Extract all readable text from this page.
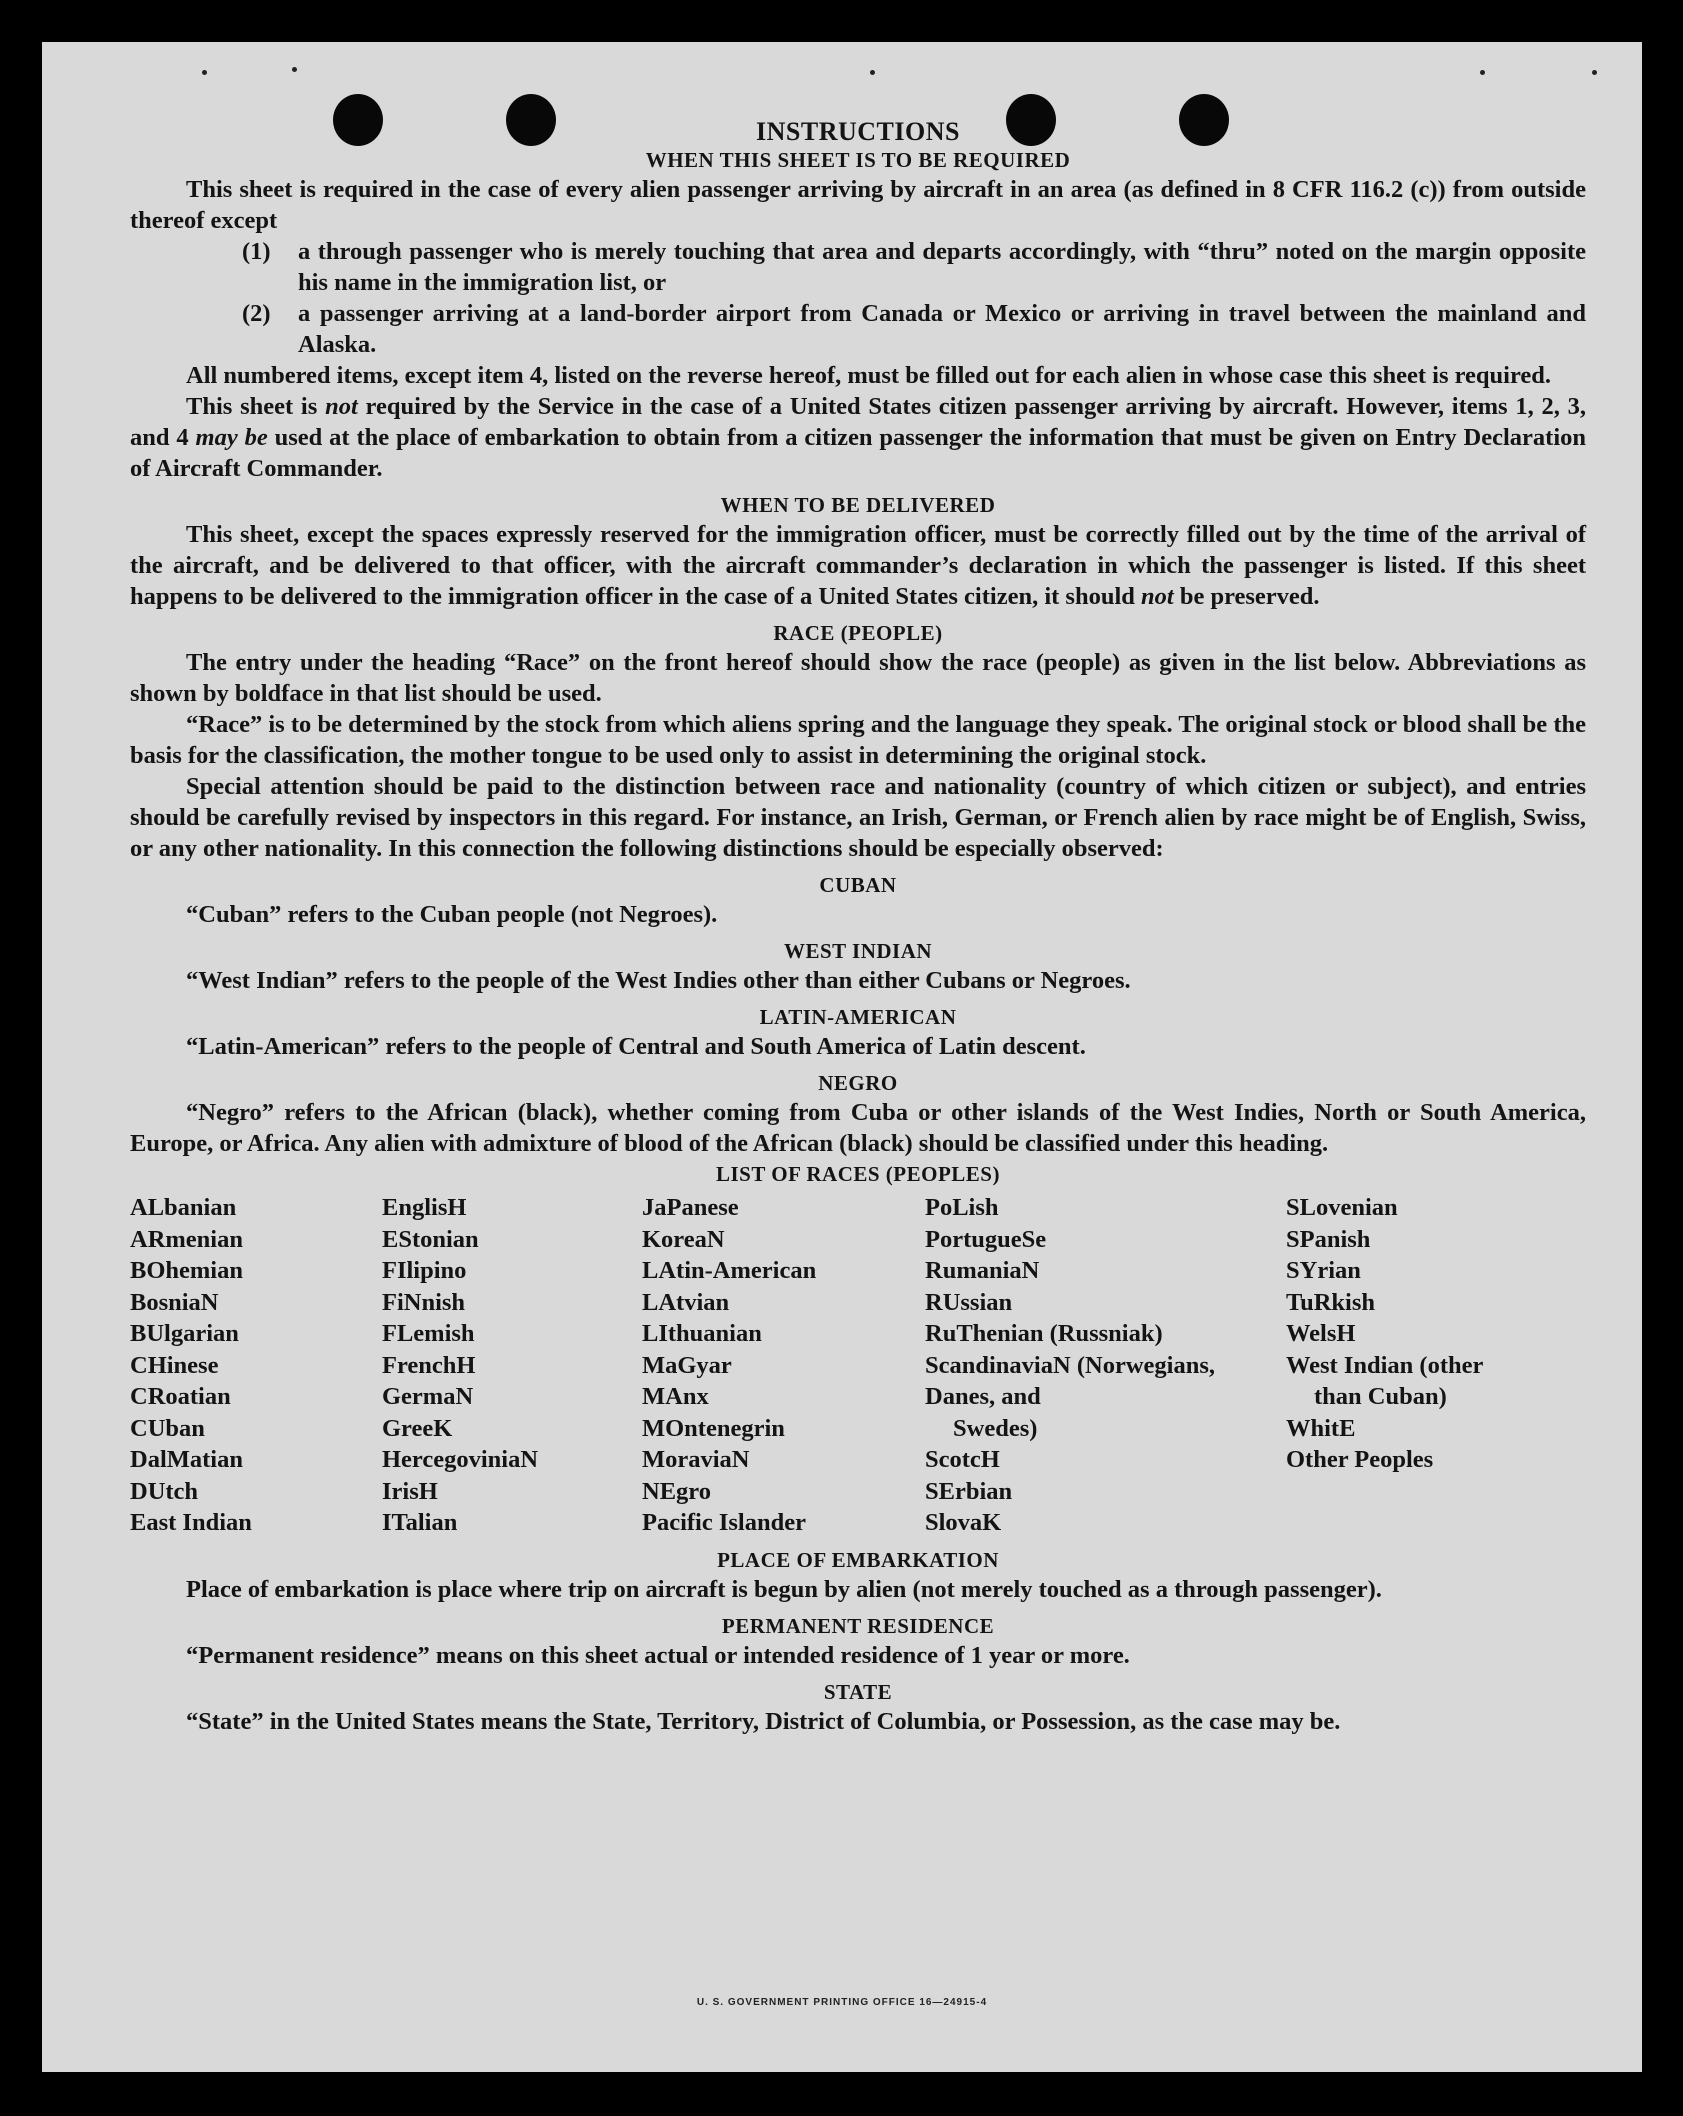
INSTRUCTIONS
WHEN THIS SHEET IS TO BE REQUIRED

This sheet is required in the case of every alien passenger arriving by aircraft in an area (as defined in 8 CFR 116.2 (c)) from outside thereof except

(1)	a through passenger who is merely touching that area and departs accordingly, with “thru” noted on the margin opposite his name in the immigration list, or
(2)	a passenger arriving at a land-border airport from Canada or Mexico or arriving in travel between the mainland and Alaska.

All numbered items, except item 4, listed on the reverse hereof, must be filled out for each alien in whose case this sheet is required.

This sheet is not required by the Service in the case of a United States citizen passenger arriving by aircraft. However, items 1, 2, 3, and 4 may be used at the place of embarkation to obtain from a citizen passenger the information that must be given on Entry Declaration of Aircraft Commander.

WHEN TO BE DELIVERED

This sheet, except the spaces expressly reserved for the immigration officer, must be correctly filled out by the time of the arrival of the aircraft, and be delivered to that officer, with the aircraft commander’s declaration in which the passenger is listed. If this sheet happens to be delivered to the immigration officer in the case of a United States citizen, it should not be preserved.

RACE (PEOPLE)

The entry under the heading “Race” on the front hereof should show the race (people) as given in the list below. Abbreviations as shown by boldface in that list should be used.

“Race” is to be determined by the stock from which aliens spring and the language they speak. The original stock or blood shall be the basis for the classification, the mother tongue to be used only to assist in determining the original stock.

Special attention should be paid to the distinction between race and nationality (country of which citizen or subject), and entries should be carefully revised by inspectors in this regard. For instance, an Irish, German, or French alien by race might be of English, Swiss, or any other nationality. In this connection the following distinctions should be especially observed:

CUBAN

“Cuban” refers to the Cuban people (not Negroes).

WEST INDIAN

“West Indian” refers to the people of the West Indies other than either Cubans or Negroes.

LATIN-AMERICAN

“Latin-American” refers to the people of Central and South America of Latin descent.

NEGRO

“Negro” refers to the African (black), whether coming from Cuba or other islands of the West Indies, North or South America, Europe, or Africa. Any alien with admixture of blood of the African (black) should be classified under this heading.

LIST OF RACES (PEOPLES)
ALbanian
ARmenian
BOhemian
BosniaN
BUlgarian
CHinese
CRoatian
CUban
DalMatian
DUtch
East Indian
EnglisH
EStonian
FIlipino
FiNnish
FLemish
FrenchH
GermaN
GreeK
HercegoviniaN
IrisH
ITalian
JaPanese
KoreaN
LAtin-American
LAtvian
LIthuanian
MaGyar
MAnx
MOntenegrin
MoraviaN
NEgro
Pacific Islander
PoLish
PortugueSe
RumaniaN
RUssian
RuThenian (Russniak)
ScandinaviaN (Norwegians, Danes, and
Swedes)
ScotcH
SErbian
SlovaK
SLovenian
SPanish
SYrian
TuRkish
WelsH
West Indian (other
than Cuban)
WhitE
Other Peoples
PLACE OF EMBARKATION

Place of embarkation is place where trip on aircraft is begun by alien (not merely touched as a through passenger).

PERMANENT RESIDENCE

“Permanent residence” means on this sheet actual or intended residence of 1 year or more.

STATE

“State” in the United States means the State, Territory, District of Columbia, or Possession, as the case may be.

U. S. GOVERNMENT PRINTING OFFICE 16—24915-4
